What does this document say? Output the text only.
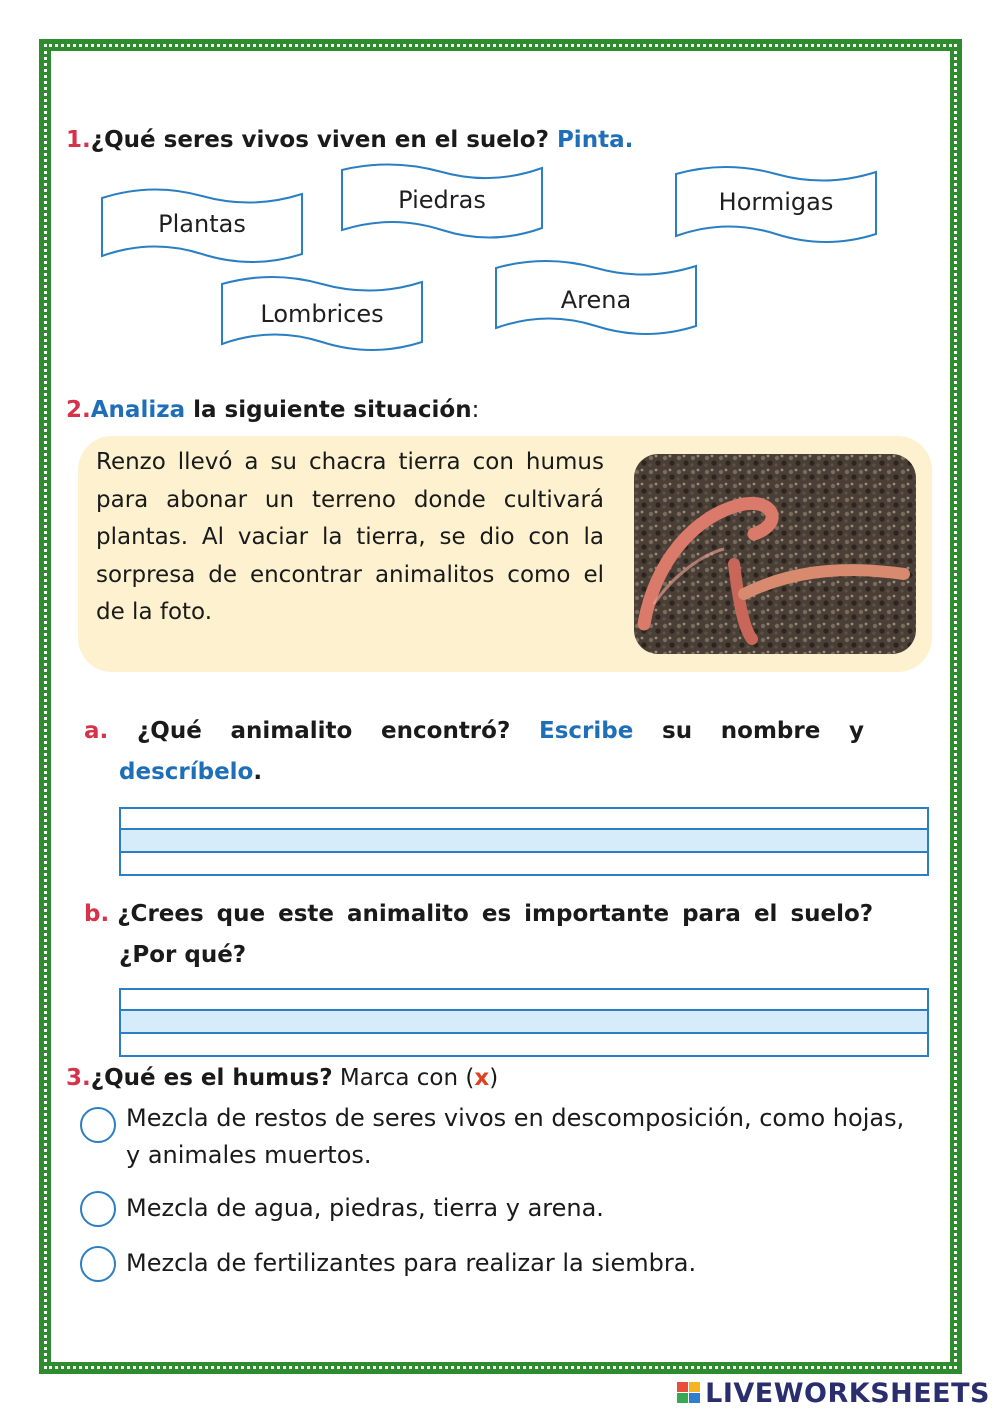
1.¿Qué seres vivos viven en el suelo? Pinta.
Plantas
Piedras	Hormigas
Lombrices	Arena
2.Analiza la siguiente situación:
Renzo llevó a su chacra tierra con humus para abonar un terreno donde cultivará plantas. Al vaciar la tierra, se dio con la sorpresa de encontrar animalitos como el de la foto.
a. ¿Qué animalito encontró? Escribe su nombre y
descríbelo.
b. ¿Crees que este animalito es importante para el suelo?
¿Por qué?
3.¿Qué es el humus? Marca con (x)
Mezcla de restos de seres vivos en descomposición, como hojas,
y animales muertos.
Mezcla de agua, piedras, tierra y arena.
Mezcla de fertilizantes para realizar la siembra.
LIVEWORKSHEETS
